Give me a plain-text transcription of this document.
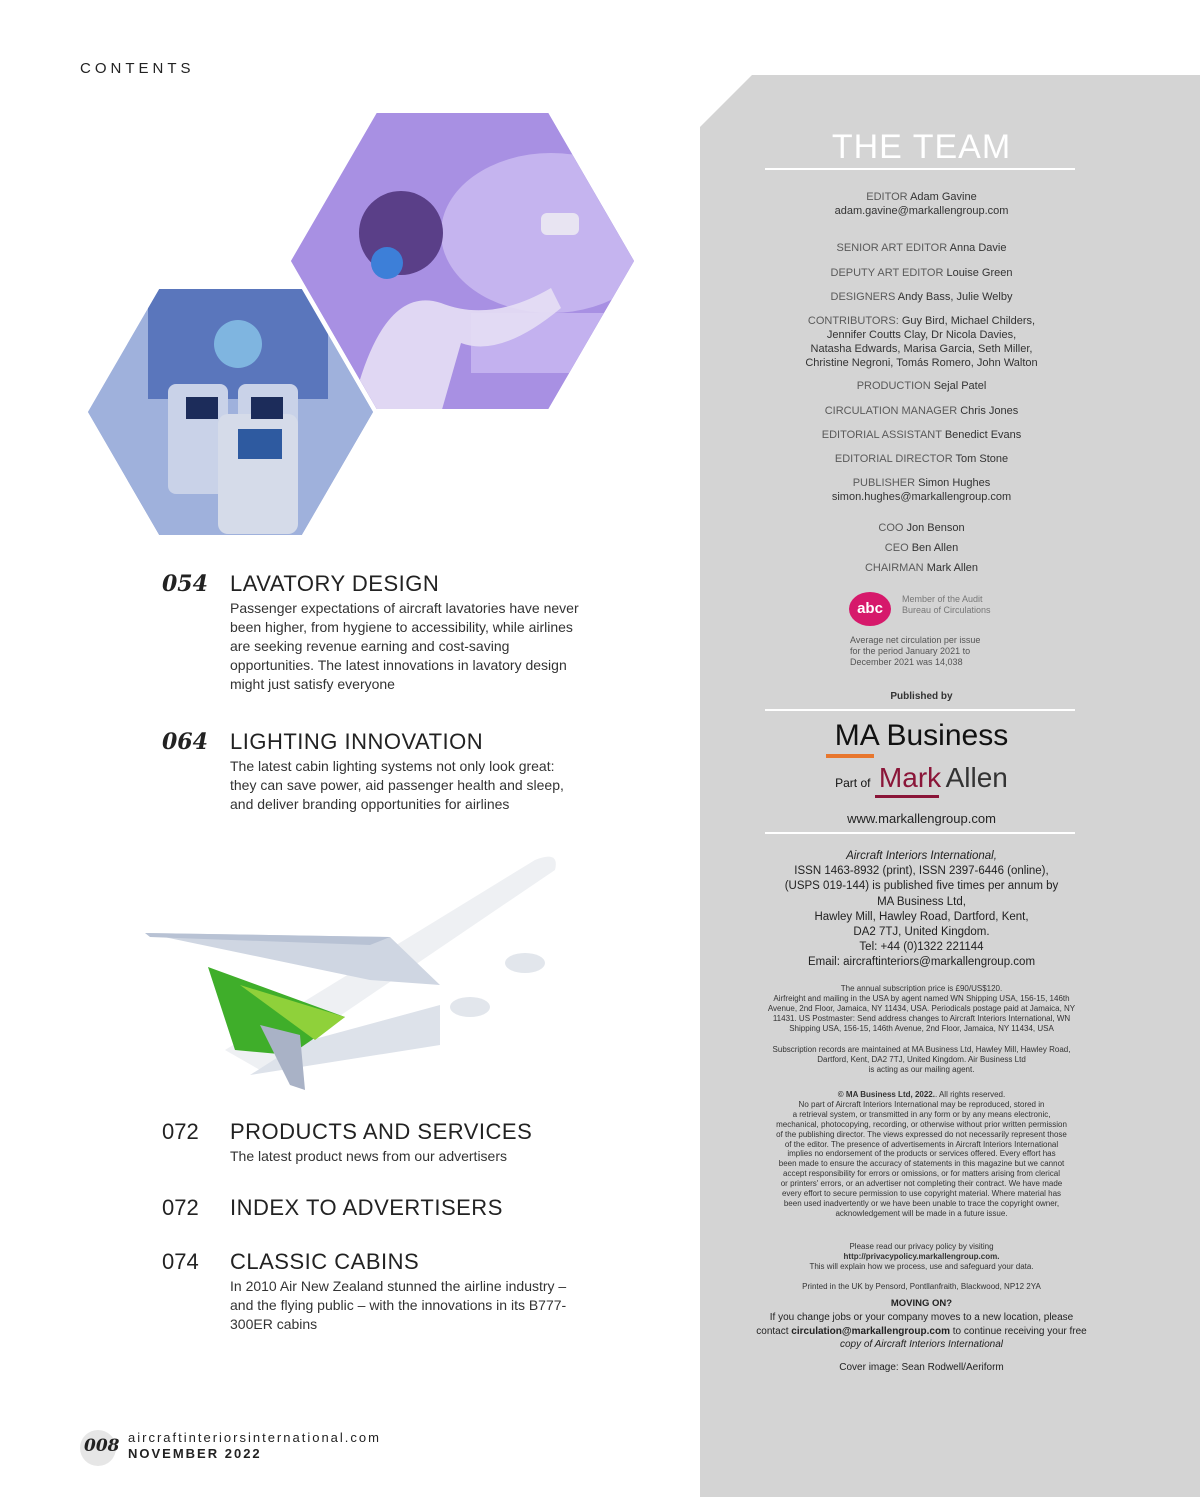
CONTENTS
054 LAVATORY DESIGN
Passenger expectations of aircraft lavatories have never been higher, from hygiene to accessibility, while airlines are seeking revenue earning and cost-saving opportunities. The latest innovations in lavatory design might just satisfy everyone
064 LIGHTING INNOVATION
The latest cabin lighting systems not only look great: they can save power, aid passenger health and sleep, and deliver branding opportunities for airlines
072 PRODUCTS AND SERVICES
The latest product news from our advertisers
072 INDEX TO ADVERTISERS
074 CLASSIC CABINS
In 2010 Air New Zealand stunned the airline industry – and the flying public – with the innovations in its B777-300ER cabins
008 aircraftinteriorsinternational.com
NOVEMBER 2022
THE TEAM
EDITOR Adam Gavine
adam.gavine@markallengroup.com
SENIOR ART EDITOR Anna Davie
DEPUTY ART EDITOR Louise Green
DESIGNERS Andy Bass, Julie Welby
CONTRIBUTORS: Guy Bird, Michael Childers,
Jennifer Coutts Clay, Dr Nicola Davies,
Natasha Edwards, Marisa Garcia, Seth Miller,
Christine Negroni, Tomás Romero, John Walton
PRODUCTION Sejal Patel
CIRCULATION MANAGER Chris Jones
EDITORIAL ASSISTANT Benedict Evans
EDITORIAL DIRECTOR Tom Stone
PUBLISHER Simon Hughes
simon.hughes@markallengroup.com
COO Jon Benson
CEO Ben Allen
CHAIRMAN Mark Allen
abc
Member of the Audit
Bureau of Circulations
Average net circulation per issue
for the period January 2021 to
December 2021 was 14,038
Published by
MA Business
Part of Mark Allen
www.markallengroup.com
Aircraft Interiors International,
ISSN 1463-8932 (print), ISSN 2397-6446 (online),
(USPS 019-144) is published five times per annum by
MA Business Ltd,
Hawley Mill, Hawley Road, Dartford, Kent,
DA2 7TJ, United Kingdom.
Tel: +44 (0)1322 221144
Email: aircraftinteriors@markallengroup.com
The annual subscription price is £90/US$120.
Airfreight and mailing in the USA by agent named WN Shipping USA, 156-15, 146th
Avenue, 2nd Floor, Jamaica, NY 11434, USA. Periodicals postage paid at Jamaica, NY
11431. US Postmaster: Send address changes to Aircraft Interiors International, WN
Shipping USA, 156-15, 146th Avenue, 2nd Floor, Jamaica, NY 11434, USA
Subscription records are maintained at MA Business Ltd, Hawley Mill, Hawley Road,
Dartford, Kent, DA2 7TJ, United Kingdom. Air Business Ltd
is acting as our mailing agent.
© MA Business Ltd, 2022.. All rights reserved.
No part of Aircraft Interiors International may be reproduced, stored in
a retrieval system, or transmitted in any form or by any means electronic,
mechanical, photocopying, recording, or otherwise without prior written permission
of the publishing director. The views expressed do not necessarily represent those
of the editor. The presence of advertisements in Aircraft Interiors International
implies no endorsement of the products or services offered. Every effort has
been made to ensure the accuracy of statements in this magazine but we cannot
accept responsibility for errors or omissions, or for matters arising from clerical
or printers' errors, or an advertiser not completing their contract. We have made
every effort to secure permission to use copyright material. Where material has
been used inadvertently or we have been unable to trace the copyright owner,
acknowledgement will be made in a future issue.
Please read our privacy policy by visiting
http://privacypolicy.markallengroup.com.
This will explain how we process, use and safeguard your data.
Printed in the UK by Pensord, Pontllanfraith, Blackwood, NP12 2YA
MOVING ON?
If you change jobs or your company moves to a new location, please
contact circulation@markallengroup.com to continue receiving your free
copy of Aircraft Interiors International
Cover image: Sean Rodwell/Aeriform
